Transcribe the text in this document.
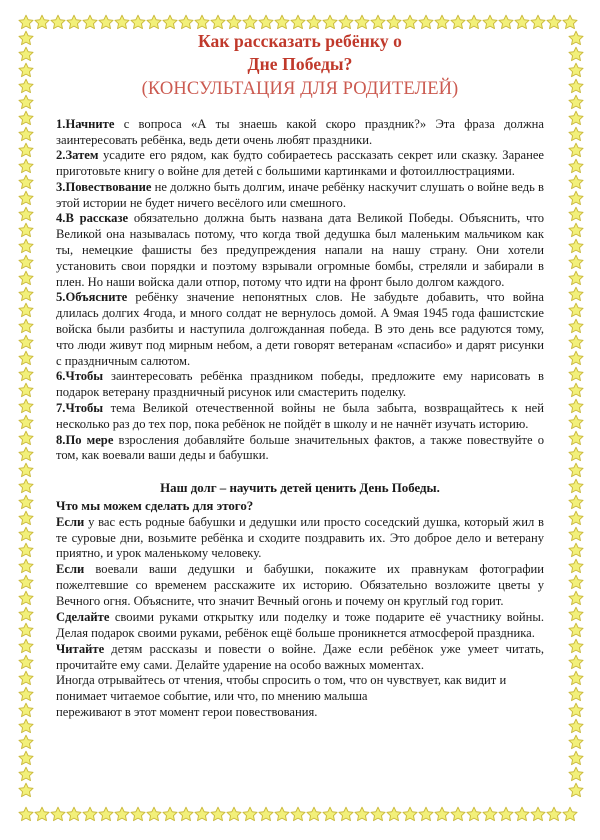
Как рассказать ребёнку о
Дне Победы?
(КОНСУЛЬТАЦИЯ ДЛЯ РОДИТЕЛЕЙ)

1.Начните с вопроса «А ты знаешь какой скоро праздник?» Эта фраза должна заинтересовать ребёнка, ведь дети очень любят праздники.

2.Затем усадите его рядом, как будто собираетесь рассказать секрет или сказку. Заранее приготовьте книгу о войне для детей с большими картинками и фотоиллюстрациями.

3.Повествование не должно быть долгим, иначе ребёнку наскучит слушать о войне ведь в этой истории не будет ничего весёлого или смешного.

4.В рассказе обязательно должна быть названа дата Великой Победы. Объяснить, что Великой она называлась потому, что когда твой дедушка был маленьким мальчиком как ты, немецкие фашисты без предупреждения напали на нашу страну. Они хотели установить свои порядки и поэтому взрывали огромные бомбы, стреляли и забирали в плен. Но наши войска дали отпор, потому что идти на фронт было долгом каждого.

5.Объясните ребёнку значение непонятных слов. Не забудьте добавить, что война длилась долгих 4года, и много солдат не вернулось домой. А 9мая 1945 года фашистские войска были разбиты и наступила долгожданная победа. В это день все радуются тому, что люди живут под мирным небом, а дети говорят ветеранам «спасибо» и дарят рисунки с праздничным салютом.

6.Чтобы заинтересовать ребёнка праздником победы, предложите ему нарисовать в подарок ветерану праздничный рисунок или смастерить поделку.

7.Чтобы тема Великой отечественной войны не была забыта, возвращайтесь к ней несколько раз до тех пор, пока ребёнок не пойдёт в школу и не начнёт изучать историю.

8.По мере взросления добавляйте больше значительных фактов, а также повествуйте о том, как воевали ваши деды и бабушки.

Наш долг – научить детей ценить День Победы.
Что мы можем сделать для этого?

Если у вас есть родные бабушки и дедушки или просто соседский душка, который жил в те суровые дни, возьмите ребёнка и сходите поздравить их. Это доброе дело и ветерану приятно, и урок маленькому человеку.

Если воевали ваши дедушки и бабушки, покажите их правнукам фотографии пожелтевшие со временем расскажите их историю. Обязательно возложите цветы у Вечного огня. Объясните, что значит Вечный огонь и почему он круглый год горит.

Сделайте своими руками открытку или поделку и тоже подарите её участнику войны. Делая подарок своими руками, ребёнок ещё больше проникнется атмосферой праздника.

Читайте детям рассказы и повести о войне. Даже если ребёнок уже умеет читать, прочитайте ему сами. Делайте ударение на особо важных моментах.

Иногда отрывайтесь от чтения, чтобы спросить о том, что он чувствует, как видит и понимает читаемое событие, или что, по мнению малыша

переживают в этот момент герои повествования.
